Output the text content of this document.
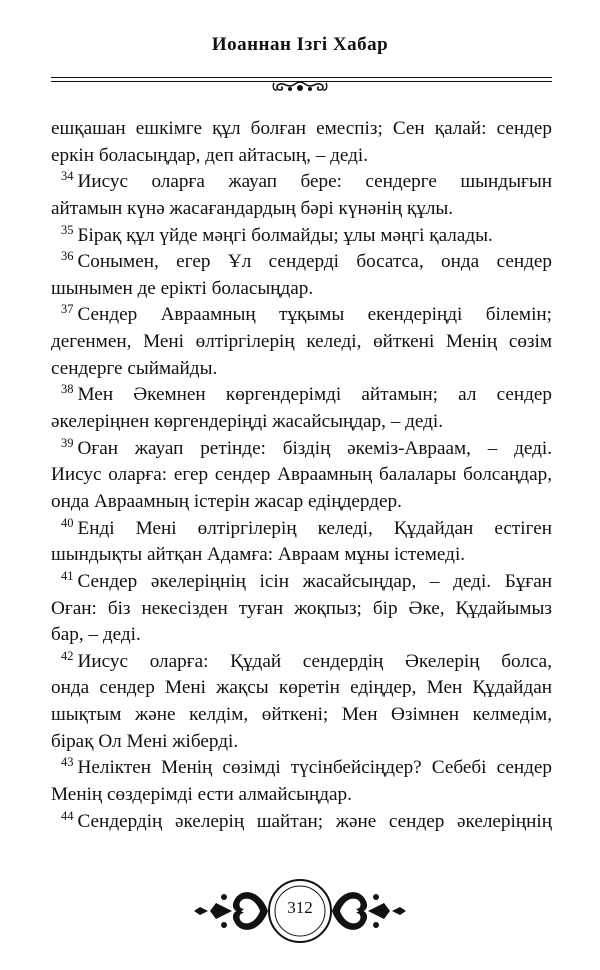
Иоаннан Ізгі Хабар
ешқашан ешкімге құл болған емеспіз; Сен қалай: сендер
еркін боласыңдар, деп айтасың, – деді.
$^{34}$ Иисус оларға жауап бере: сендерге шындығын
айтамын күнә жасағандардың бәрі күнәнің құлы.
$^{35}$ Бірақ құл үйде мәңгі болмайды; ұлы мәңгі қалады.
$^{36}$ Сонымен, егер Ұл сендерді босатса, онда сендер
шынымен де ерікті боласыңдар.
$^{37}$ Сендер Авраамның тұқымы екендеріңді білемін;
дегенмен, Мені өлтіргілерің келеді, өйткені Менің сөзім
сендерге сыймайды.
$^{38}$ Мен Әкемнен көргендерімді айтамын; ал сендер
әкелеріңнен көргендеріңді жасайсыңдар, – деді.
$^{39}$ Оған жауап ретінде: біздің әкеміз-Авраам, – деді.
Иисус оларға: егер сендер Авраамның балалары болсаңдар,
онда Авраамның істерін жасар едіңдердер.
$^{40}$ Енді Мені өлтіргілерің келеді, Құдайдан естіген
шындықты айтқан Адамға: Авраам мұны істемеді.
$^{41}$ Сендер әкелеріңнің ісін жасайсыңдар, – деді. Бұған
Оған: біз некесізден туған жоқпыз; бір Әке, Құдайымыз
бар, – деді.
$^{42}$ Иисус оларға: Құдай сендердің Әкелерің болса,
онда сендер Мені жақсы көретін едіңдер, Мен Құдайдан
шықтым және келдім, өйткені; Мен Өзімнен келмедім,
бірақ Ол Мені жіберді.
$^{43}$ Неліктен Менің сөзімді түсінбейсіңдер? Себебі сендер
Менің сөздерімді ести алмайсыңдар.
$^{44}$ Сендердің әкелерің шайтан; және сендер әкелеріңнің
312
